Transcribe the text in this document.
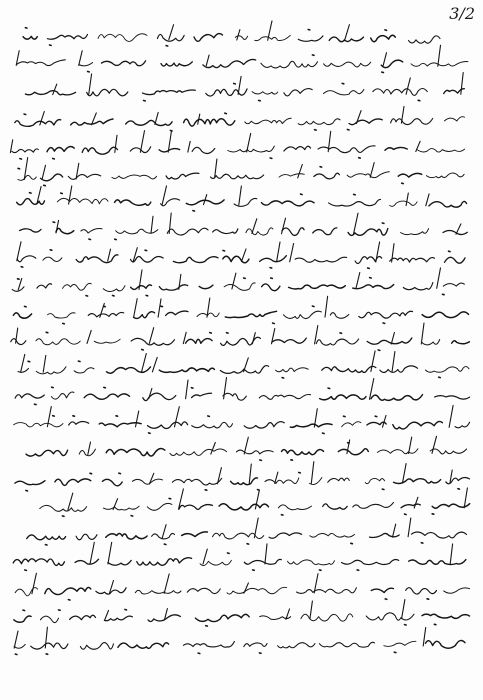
3/2
